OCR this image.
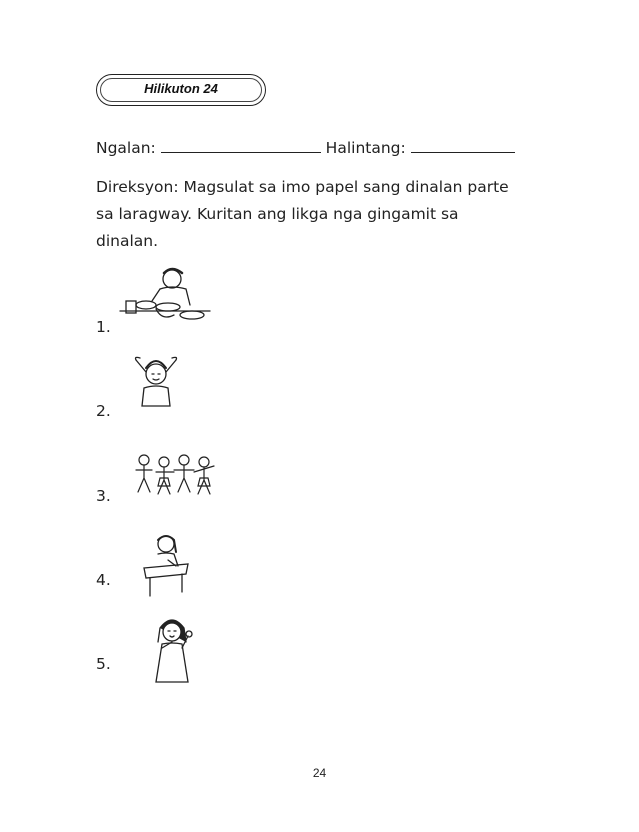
Hilikuton 24
Ngalan:	Halintang:
Direksyon: Magsulat sa imo papel sang dinalan parte
sa laragway. Kuritan ang likga nga gingamit sa
dinalan.
1.
2.
3.
4.
5.
24
